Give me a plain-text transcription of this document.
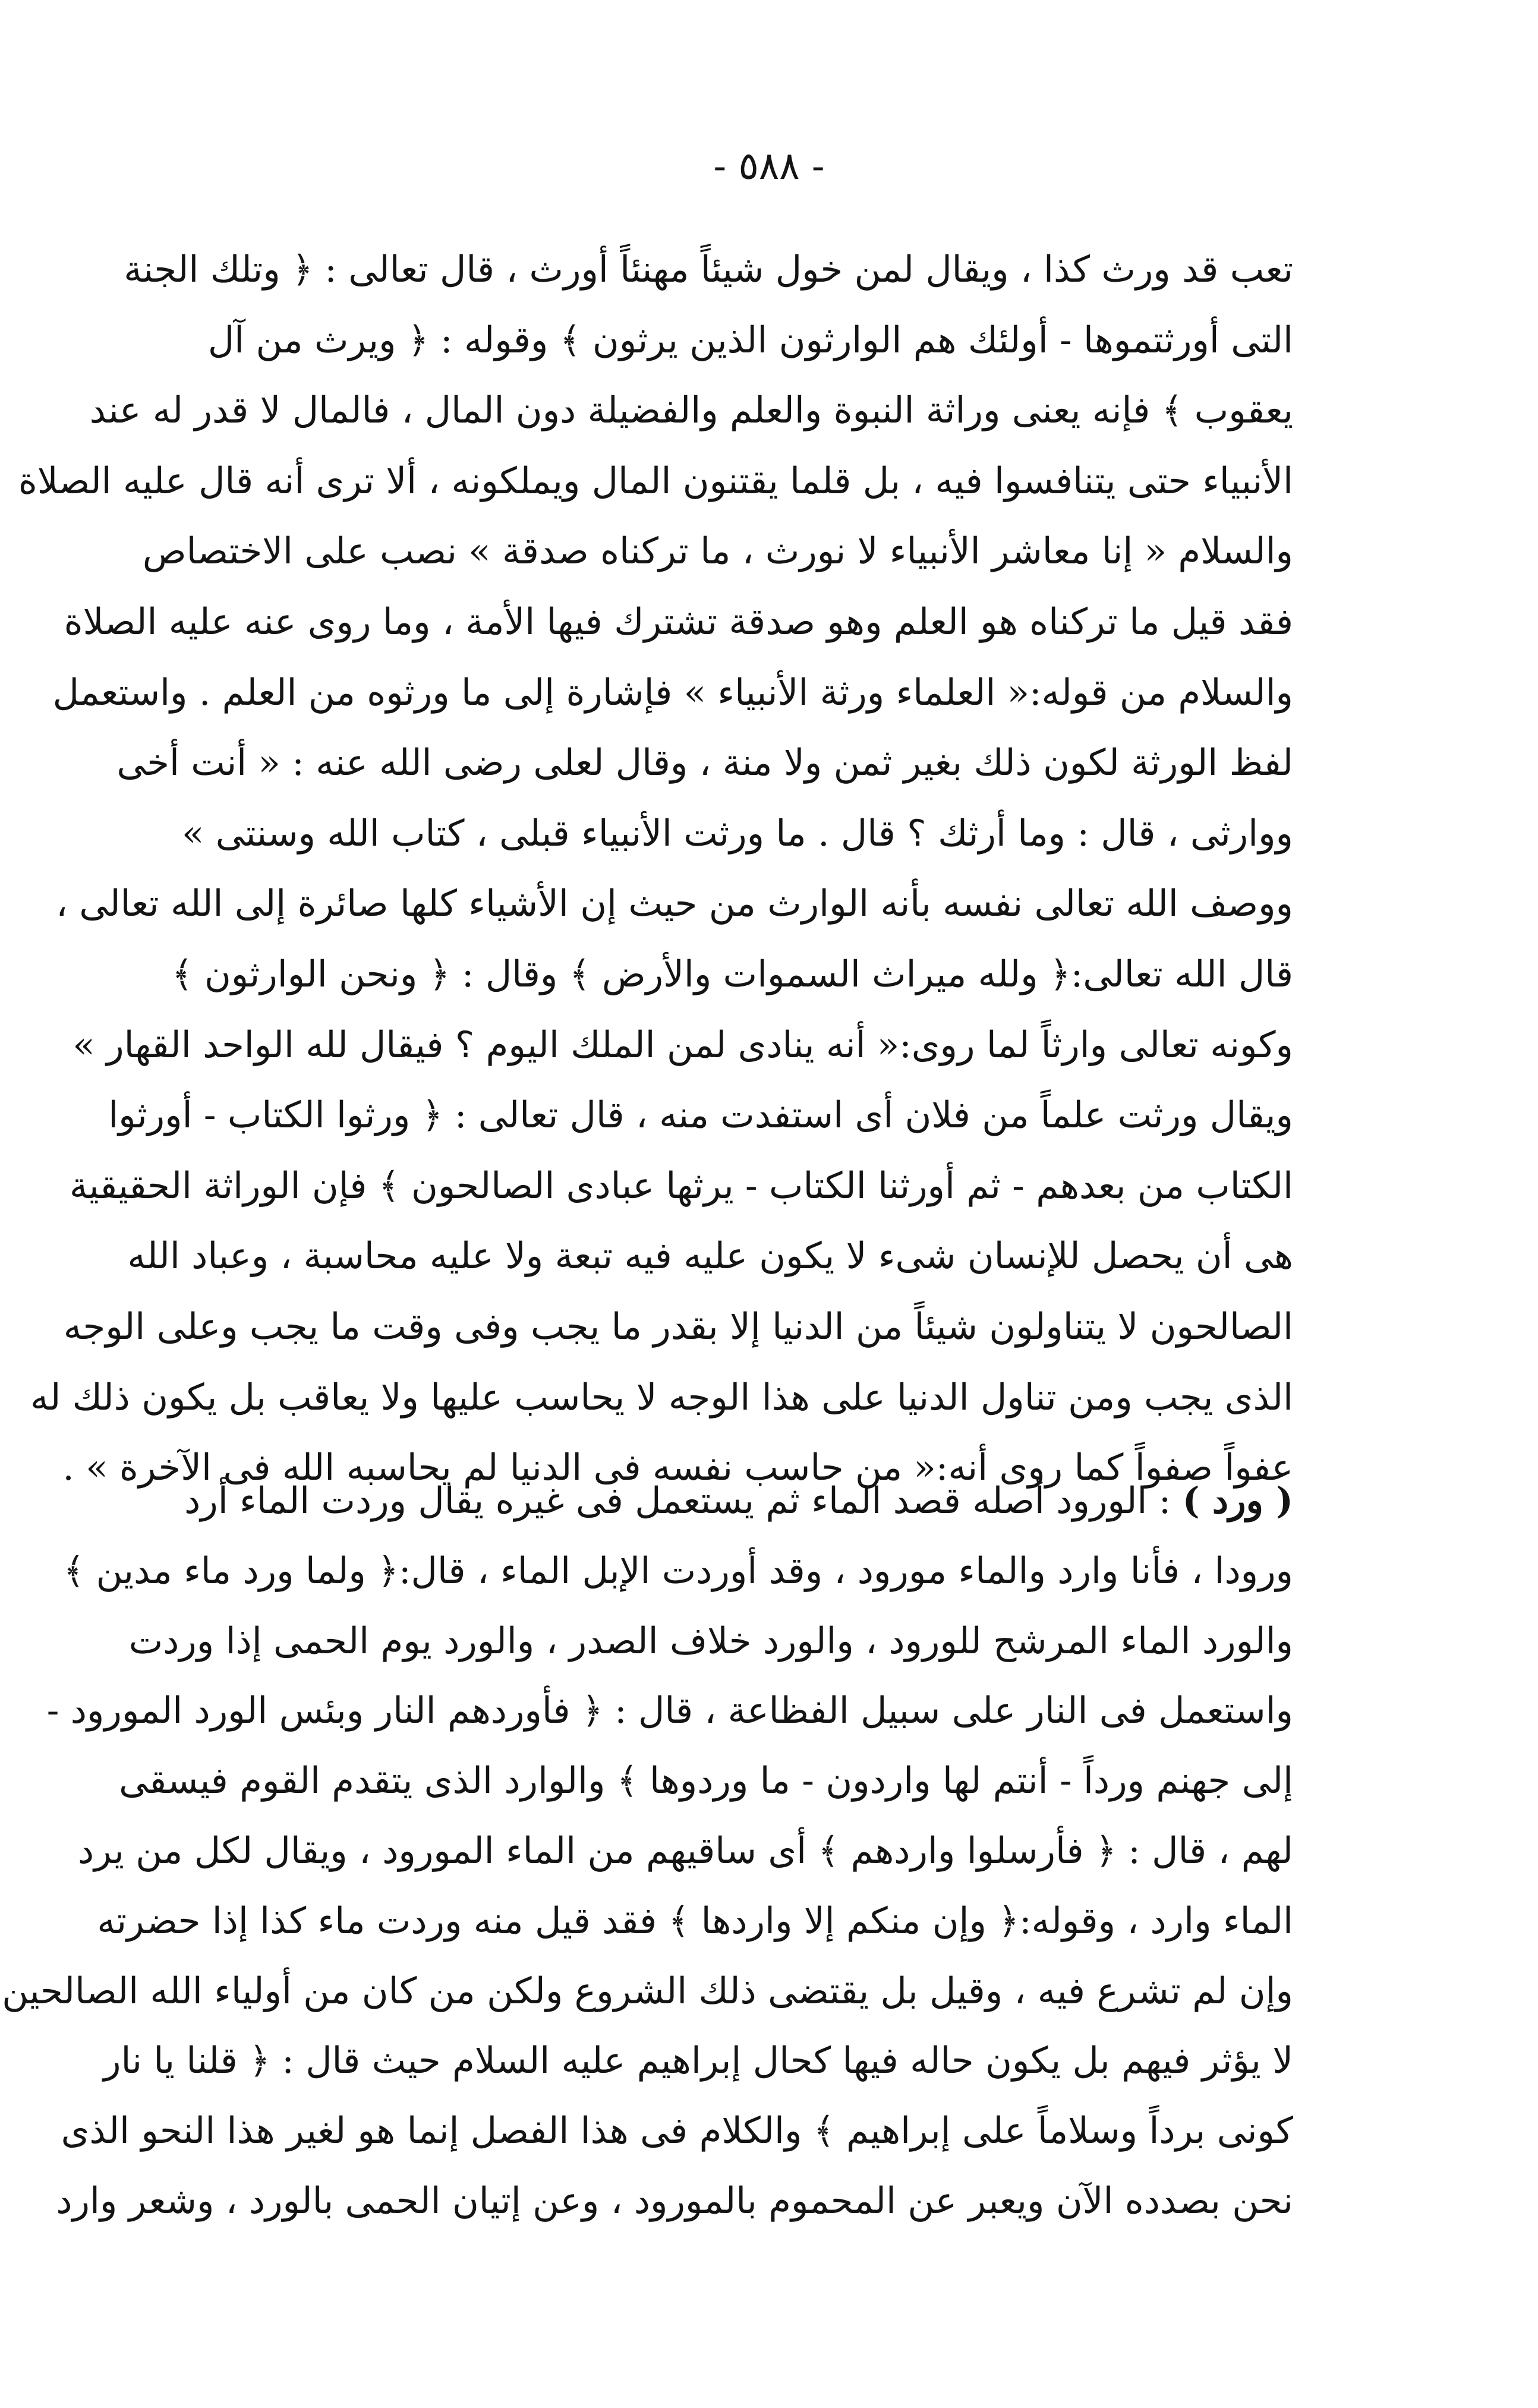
- ٥٨٨ -
تعب قد ورث كذا ، ويقال لمن خول شيئاً مهنئاً أورث ، قال تعالى : ﴿ وتلك الجنة
التى أورثتموها - أولئك هم الوارثون الذين يرثون ﴾ وقوله : ﴿ ويرث من آل
يعقوب ﴾ فإنه يعنى وراثة النبوة والعلم والفضيلة دون المال ، فالمال لا قدر له عند
الأنبياء حتى يتنافسوا فيه ، بل قلما يقتنون المال ويملكونه ، ألا ترى أنه قال عليه الصلاة
والسلام « إنا معاشر الأنبياء لا نورث ، ما تركناه صدقة » نصب على الاختصاص
فقد قيل ما تركناه هو العلم وهو صدقة تشترك فيها الأمة ، وما روى عنه عليه الصلاة
والسلام من قوله:« العلماء ورثة الأنبياء » فإشارة إلى ما ورثوه من العلم . واستعمل
لفظ الورثة لكون ذلك بغير ثمن ولا منة ، وقال لعلى رضى الله عنه : « أنت أخى
ووارثى ، قال : وما أرثك ؟ قال . ما ورثت الأنبياء قبلى ، كتاب الله وسنتى »
ووصف الله تعالى نفسه بأنه الوارث من حيث إن الأشياء كلها صائرة إلى الله تعالى ،
قال الله تعالى:﴿ ولله ميراث السموات والأرض ﴾ وقال : ﴿ ونحن الوارثون ﴾
وكونه تعالى وارثاً لما روى:« أنه ينادى لمن الملك اليوم ؟ فيقال لله الواحد القهار »
ويقال ورثت علماً من فلان أى استفدت منه ، قال تعالى : ﴿ ورثوا الكتاب - أورثوا
الكتاب من بعدهم - ثم أورثنا الكتاب - يرثها عبادى الصالحون ﴾ فإن الوراثة الحقيقية
هى أن يحصل للإنسان شىء لا يكون عليه فيه تبعة ولا عليه محاسبة ، وعباد الله
الصالحون لا يتناولون شيئاً من الدنيا إلا بقدر ما يجب وفى وقت ما يجب وعلى الوجه
الذى يجب ومن تناول الدنيا على هذا الوجه لا يحاسب عليها ولا يعاقب بل يكون ذلك له
عفواً صفواً كما روى أنه:« من حاسب نفسه فى الدنيا لم يحاسبه الله فى الآخرة » .
( ورد ) : الورود أصله قصد الماء ثم يستعمل فى غيره يقال وردت الماء أرد
ورودا ، فأنا وارد والماء مورود ، وقد أوردت الإبل الماء ، قال:﴿ ولما ورد ماء مدين ﴾
والورد الماء المرشح للورود ، والورد خلاف الصدر ، والورد يوم الحمى إذا وردت
واستعمل فى النار على سبيل الفظاعة ، قال : ﴿ فأوردهم النار وبئس الورد المورود -
إلى جهنم ورداً - أنتم لها واردون - ما وردوها ﴾ والوارد الذى يتقدم القوم فيسقى
لهم ، قال : ﴿ فأرسلوا واردهم ﴾ أى ساقيهم من الماء المورود ، ويقال لكل من يرد
الماء وارد ، وقوله:﴿ وإن منكم إلا واردها ﴾ فقد قيل منه وردت ماء كذا إذا حضرته
وإن لم تشرع فيه ، وقيل بل يقتضى ذلك الشروع ولكن من كان من أولياء الله الصالحين
لا يؤثر فيهم بل يكون حاله فيها كحال إبراهيم عليه السلام حيث قال : ﴿ قلنا يا نار
كونى برداً وسلاماً على إبراهيم ﴾ والكلام فى هذا الفصل إنما هو لغير هذا النحو الذى
نحن بصدده الآن ويعبر عن المحموم بالمورود ، وعن إتيان الحمى بالورد ، وشعر وارد
